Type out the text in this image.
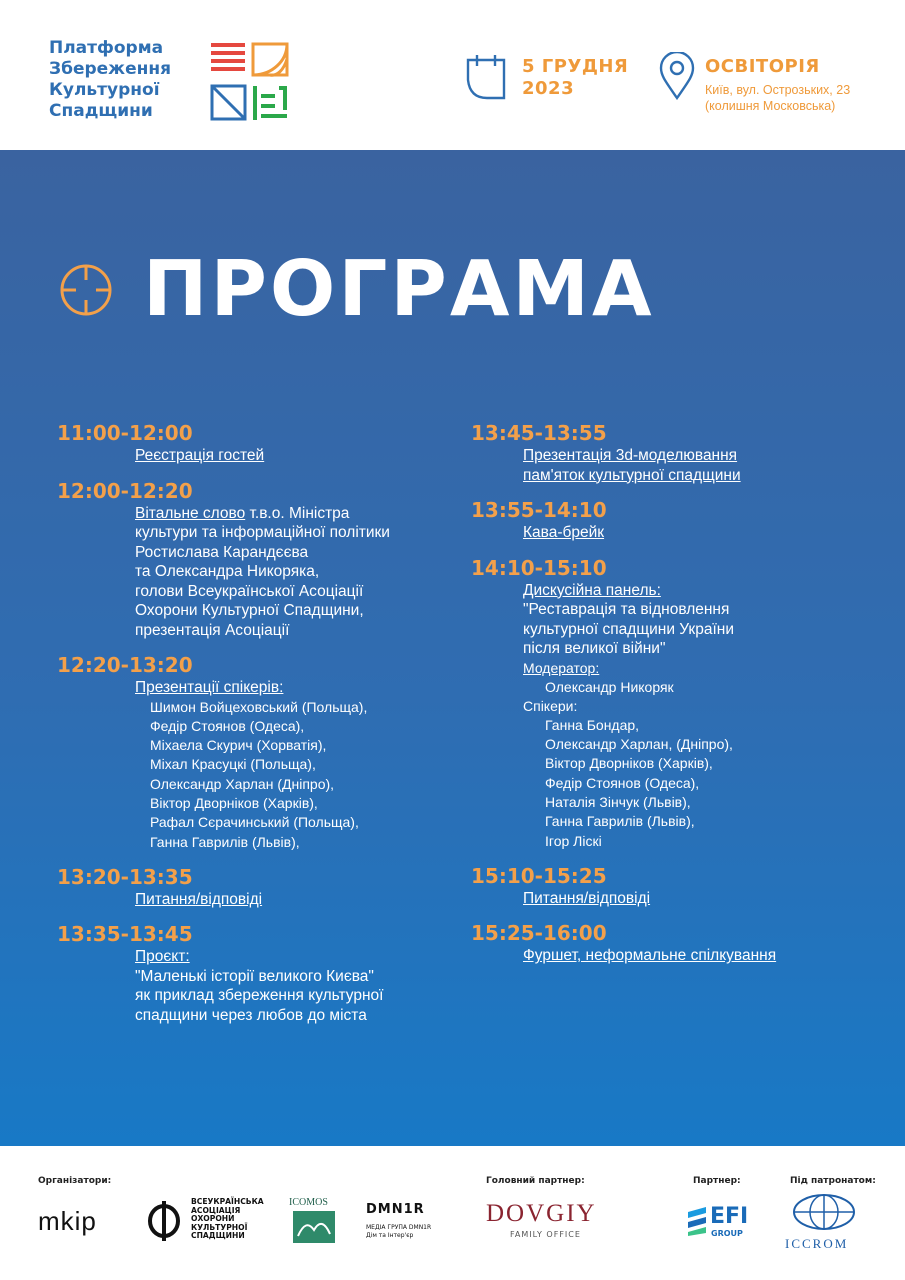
Платформа
Збереження
Культурної
Спадщини
5 ГРУДНЯ
2023
ОСВІТОРІЯ
Київ, вул. Острозьких, 23
(колишня Московська)
ПРОГРАМА
11:00-12:00
Реєстрація гостей
12:00-12:20
Вітальне слово т.в.о. Міністра
культури та інформаційної політики
Ростислава Карандєєва
та Олександра Никоряка,
голови Всеукраїнської Асоціації
Охорони Культурної Спадщини,
презентація Асоціації
12:20-13:20
Презентації спікерів:
Шимон Войцеховський (Польща),
Федір Стоянов (Одеса),
Міхаела Скурич (Хорватія),
Міхал Красуцкі (Польща),
Олександр Харлан (Дніпро),
Віктор Дворніков (Харків),
Рафал Сєрачинський (Польща),
Ганна Гаврилів (Львів),
13:20-13:35
Питання/відповіді
13:35-13:45
Проєкт:
"Маленькі історії великого Києва"
як приклад збереження культурної
спадщини через любов до міста
13:45-13:55
Презентація 3d-моделювання
пам'яток культурної спадщини
13:55-14:10
Кава-брейк
14:10-15:10
Дискусійна панель:
"Реставрація та відновлення
культурної спадщини України
після великої війни"
Модератор:
Олександр Никоряк
Спікери:
Ганна Бондар,
Олександр Харлан, (Дніпро),
Віктор Дворніков (Харків),
Федір Стоянов (Одеса),
Наталія Зінчук (Львів),
Ганна Гаврилів (Львів),
Ігор Ліскі
15:10-15:25
Питання/відповіді
15:25-16:00
Фуршет, неформальне спілкування
Організатори:	Головний партнер:	Партнер:	Під патронатом:
mkip
ВСЕУКРАЇНСЬКА
АСОЦІАЦІЯ
ОХОРОНИ
КУЛЬТУРНОЇ
СПАДЩИНИ
ICOMOS	DMN1R
МЕДІА ГРУПА DMN1R
Дім та Інтер'єр
DOVGIY
FAMILY OFFICE
EFI
GROUP
ICCROM
